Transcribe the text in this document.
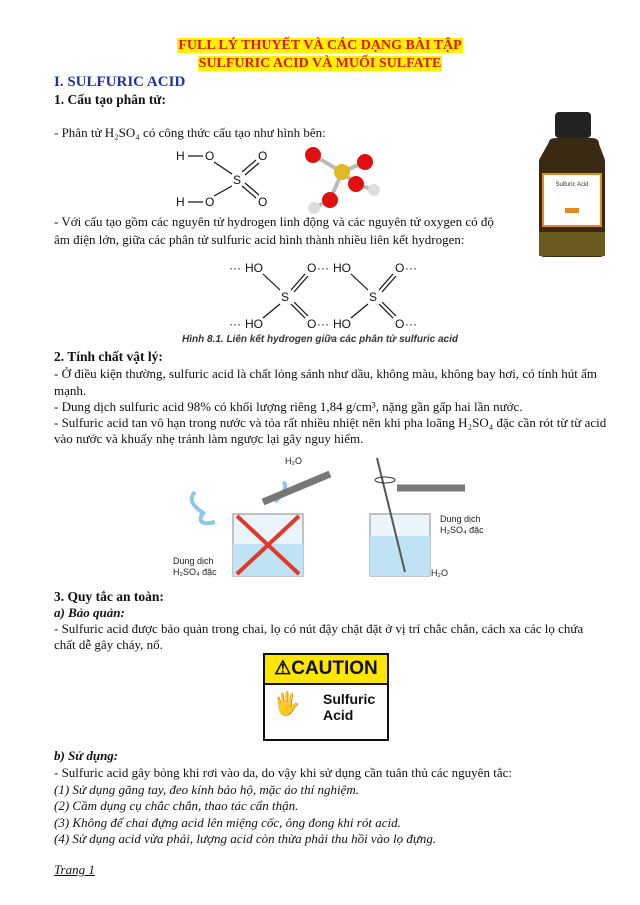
FULL LÝ THUYẾT VÀ CÁC DẠNG BÀI TẬP
SULFURIC ACID VÀ MUỐI SULFATE
I. SULFURIC ACID
1. Cấu tạo phân tử:
- Phân tử H₂SO₄ có công thức cấu tạo như hình bên:
H O
H O
S
O
O
Sulfuric Acid
- Với cấu tạo gồm các nguyên tử hydrogen linh động và các nguyên tử oxygen có độ
âm điện lớn, giữa các phân tử sulfuric acid hình thành nhiều liên kết hydrogen:
··· HO
··· HO
S
O ···
O ···
HO
HO
S
O ···
O ···
Hình 8.1. Liên kết hydrogen giữa các phân tử sulfuric acid
2. Tính chất vật lý:
- Ở điều kiện thường, sulfuric acid là chất lỏng sánh như dầu, không màu, không bay hơi, có tính hút ẩm
mạnh.
- Dung dịch sulfuric acid 98% có khối lượng riêng 1,84 g/cm³, nặng gần gấp hai lần nước.
- Sulfuric acid tan vô hạn trong nước và tỏa rất nhiều nhiệt nên khi pha loãng H₂SO₄ đặc cần rót từ từ acid
vào nước và khuấy nhẹ tránh làm ngược lại gây nguy hiểm.
H₂O
Dung dịch
H₂SO₄ đặc
Dung dịch
H₂SO₄ đặc
H₂O
3. Quy tắc an toàn:
a) Bảo quản:
- Sulfuric acid được bảo quản trong chai, lọ có nút đậy chặt đặt ở vị trí chắc chắn, cách xa các lọ chứa
chất dễ gây cháy, nổ.
⚠CAUTION
🖐 Sulfuric
Acid
b) Sử dụng:
- Sulfuric acid gây bỏng khi rơi vào da, do vậy khi sử dụng cần tuân thủ các nguyên tắc:
(1) Sử dụng găng tay, đeo kính bảo hộ, mặc áo thí nghiệm.
(2) Cầm dụng cụ chắc chắn, thao tác cẩn thận.
(3) Không để chai đựng acid lên miệng cốc, ông đong khi rót acid.
(4) Sử dụng acid vừa phải, lượng acid còn thừa phải thu hồi vào lọ đựng.
Trang 1
